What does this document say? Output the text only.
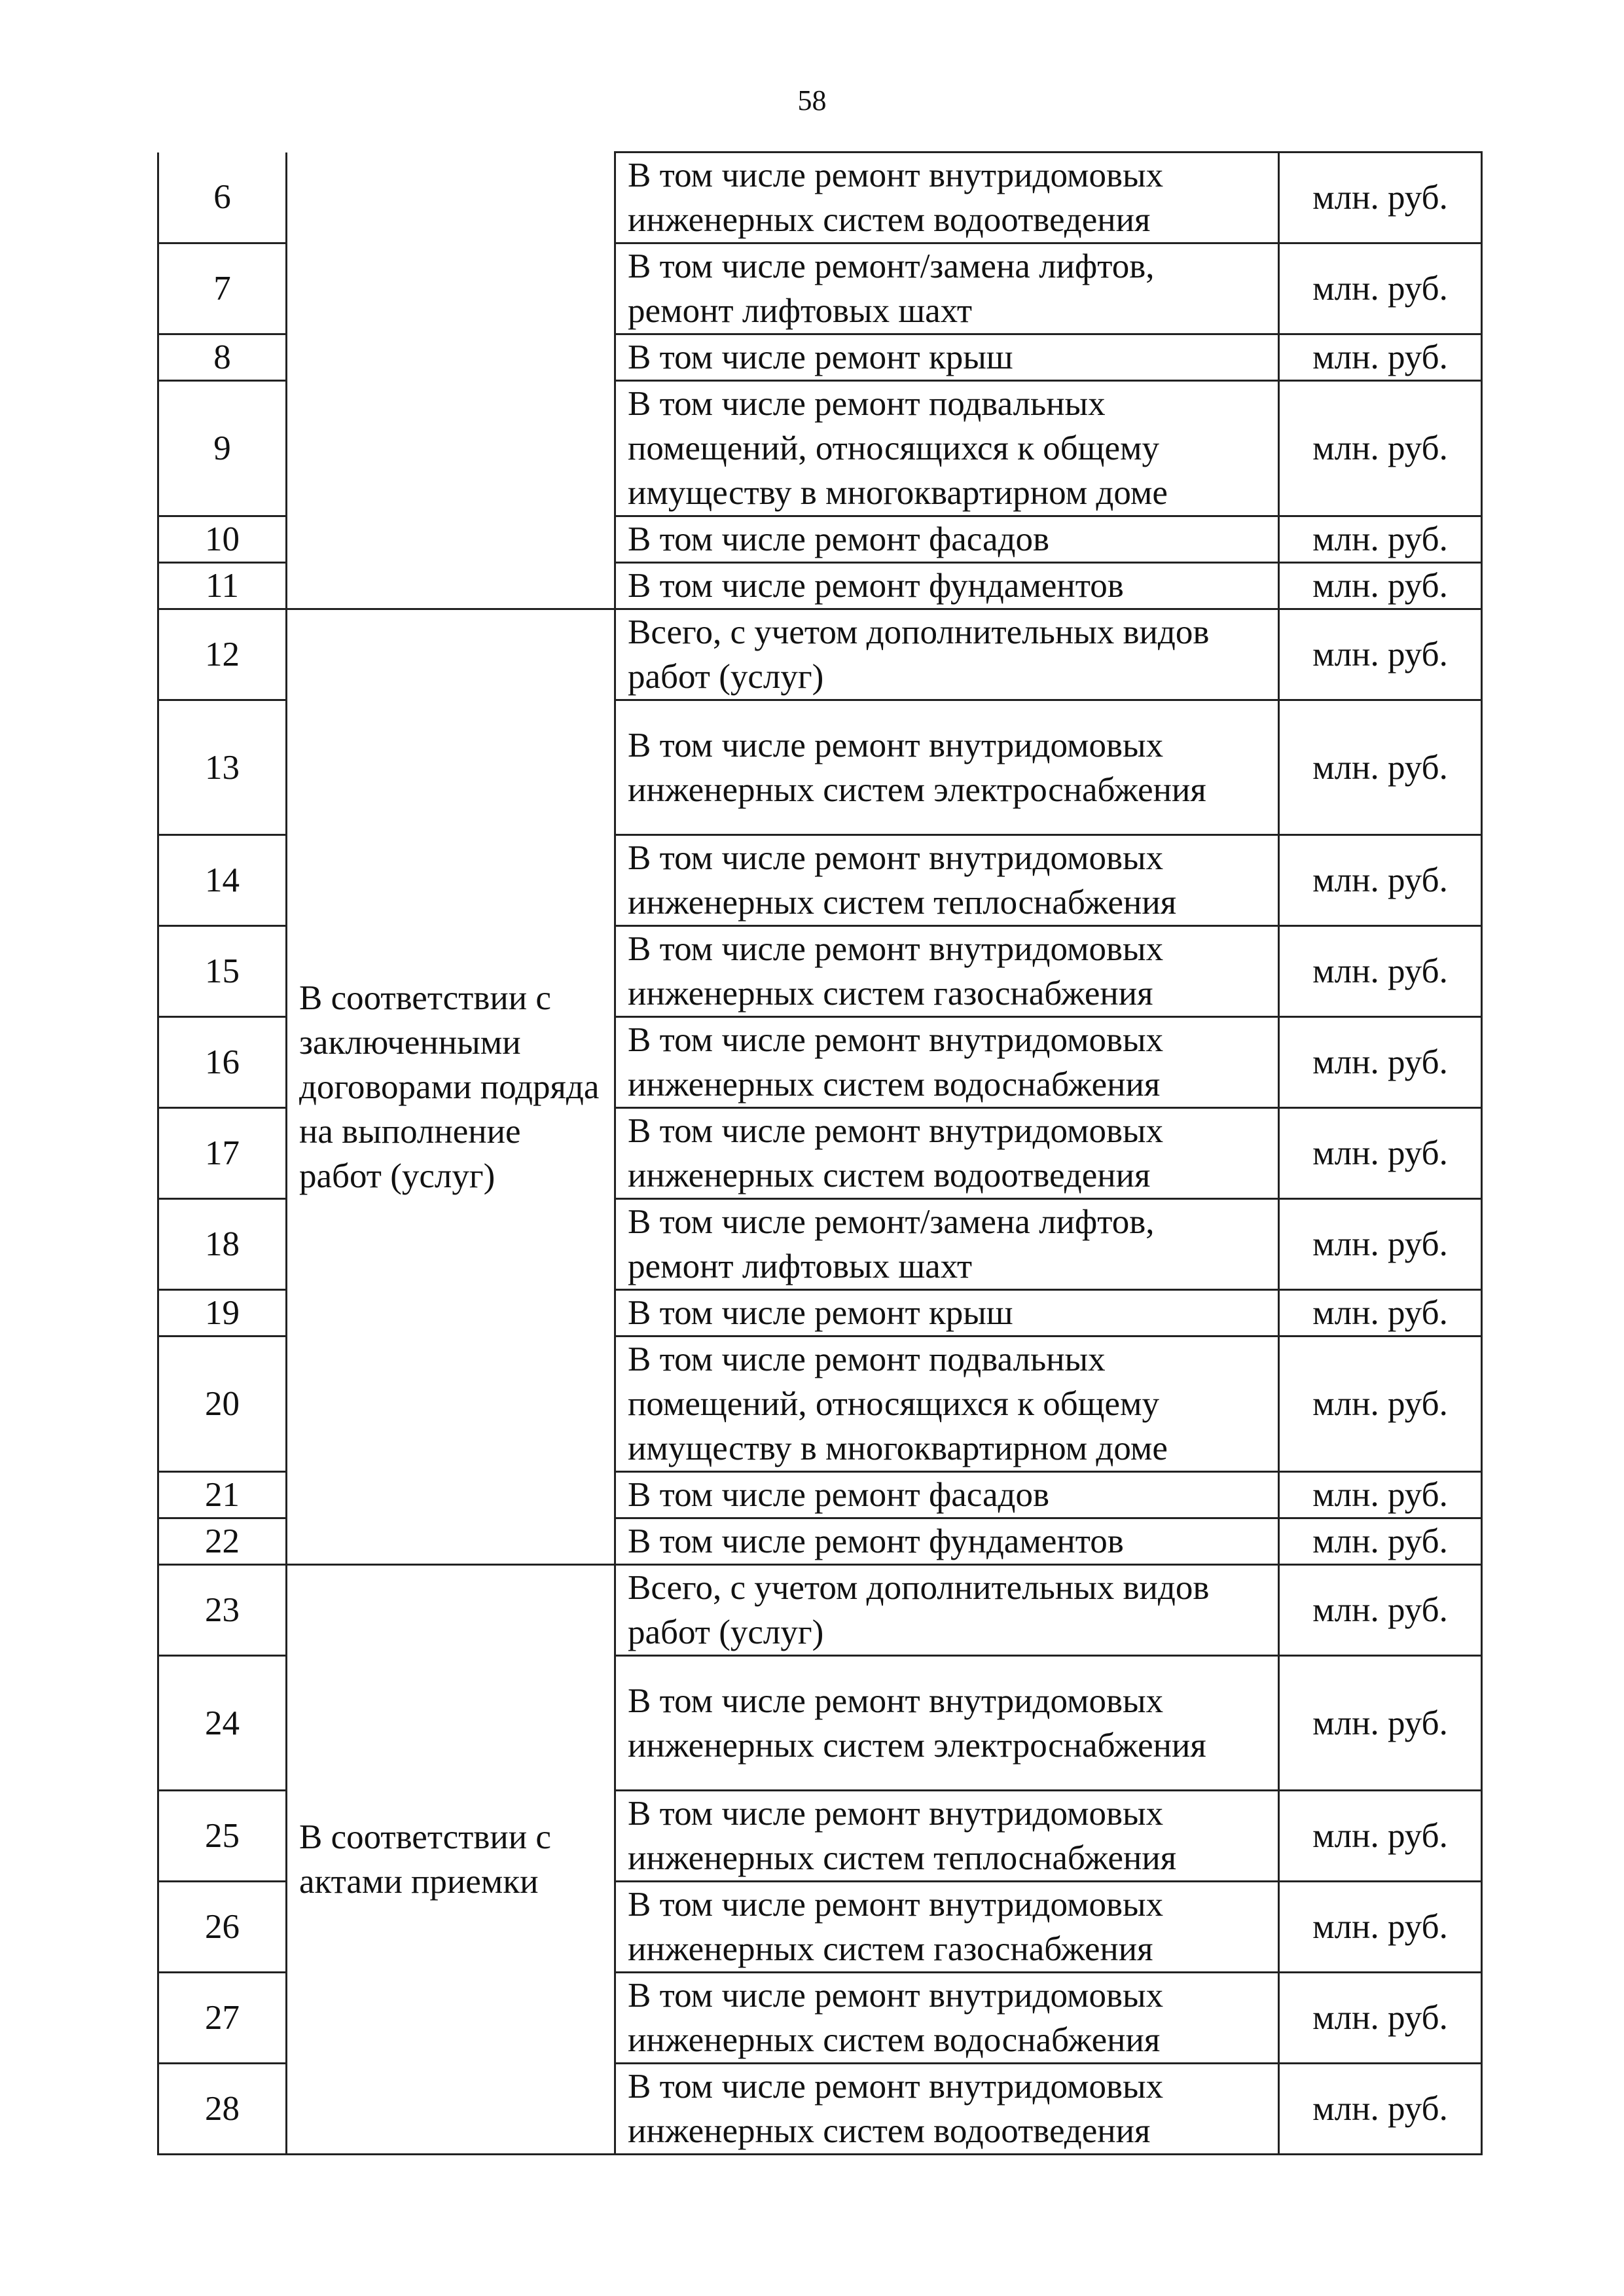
58
6		В том числе ремонт внутридомовых инженерных систем водоотведения	млн. руб.
7		В том числе ремонт/замена лифтов, ремонт лифтовых шахт	млн. руб.
8		В том числе ремонт крыш	млн. руб.
9		В том числе ремонт подвальных помещений, относящихся к общему имуществу в многоквартирном доме	млн. руб.
10		В том числе ремонт фасадов	млн. руб.
11		В том числе ремонт фундаментов	млн. руб.
12	В соответствии с заключенными договорами подряда на выполнение работ (услуг)	Всего, с учетом дополнительных видов работ (услуг)	млн. руб.
13		В том числе ремонт внутридомовых инженерных систем электроснабжения	млн. руб.
14		В том числе ремонт внутридомовых инженерных систем теплоснабжения	млн. руб.
15		В том числе ремонт внутридомовых инженерных систем газоснабжения	млн. руб.
16		В том числе ремонт внутридомовых инженерных систем водоснабжения	млн. руб.
17		В том числе ремонт внутридомовых инженерных систем водоотведения	млн. руб.
18		В том числе ремонт/замена лифтов, ремонт лифтовых шахт	млн. руб.
19		В том числе ремонт крыш	млн. руб.
20		В том числе ремонт подвальных помещений, относящихся к общему имуществу в многоквартирном доме	млн. руб.
21		В том числе ремонт фасадов	млн. руб.
22		В том числе ремонт фундаментов	млн. руб.
23	В соответствии с актами приемки	Всего, с учетом дополнительных видов работ (услуг)	млн. руб.
24		В том числе ремонт внутридомовых инженерных систем электроснабжения	млн. руб.
25		В том числе ремонт внутридомовых инженерных систем теплоснабжения	млн. руб.
26		В том числе ремонт внутридомовых инженерных систем газоснабжения	млн. руб.
27		В том числе ремонт внутридомовых инженерных систем водоснабжения	млн. руб.
28		В том числе ремонт внутридомовых инженерных систем водоотведения	млн. руб.
